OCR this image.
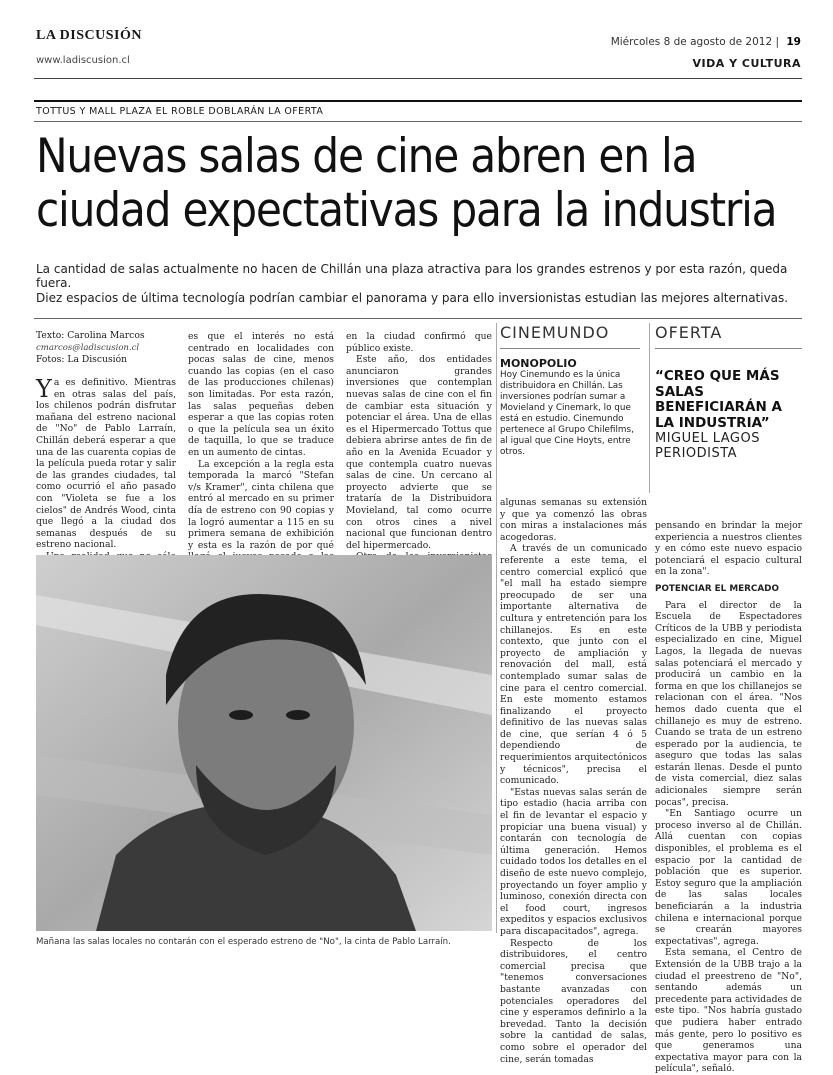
LA DISCUSIÓN
www.ladiscusion.cl
Miércoles 8 de agosto de 2012 | 19
VIDA Y CULTURA
TOTTUS Y MALL PLAZA EL ROBLE DOBLARÁN LA OFERTA
Nuevas salas de cine abren en la ciudad expectativas para la industria
La cantidad de salas actualmente no hacen de Chillán una plaza atractiva para los grandes estrenos y por esta razón, queda fuera.
Diez espacios de última tecnología podrían cambiar el panorama y para ello inversionistas estudian las mejores alternativas.
Texto: Carolina Marcos
cmarcos@ladiscusion.cl
Fotos: La Discusión

Ya es definitivo. Mientras en otras salas del país, los chilenos podrán disfrutar mañana del estreno nacional de "No" de Pablo Larraín, Chillán deberá esperar a que una de las cuarenta copias de la película pueda rotar y salir de las grandes ciudades, tal como ocurrió el año pasado con "Violeta se fue a los cielos" de Andrés Wood, cinta que llegó a la ciudad dos semanas después de su estreno nacional.

es que el interés no está centrado en localidades con pocas salas de cine, menos cuando las copias (en el caso de las producciones chilenas) son limitadas. Por esta razón, las salas pequeñas deben esperar a que las copias roten o que la película sea un éxito de taquilla, lo que se traduce en un aumento de cintas.

La excepción a la regla esta temporada la marcó "Stefan v/s Kramer", cinta chilena que entró al mercado en su primer día de estreno con 90 copias y la logró aumentar a 115 en su primera semana de exhibición y esta es la razón de por qué

en la ciudad confirmó que público existe.

Este año, dos entidades anunciaron grandes inversiones que contemplan nuevas salas de cine con el fin de cambiar esta situación y potenciar el área. Una de ellas es el Hipermercado Tottus que debiera abrirse antes de fin de año en la Avenida Ecuador y que contempla cuatro nuevas salas de cine. Un cercano al proyecto advierte que se trataría de la Distribuidora Movieland, tal como ocurre con otros cines a nivel nacional que funcionan dentro del hipermercado.

CINEMUNDO
MONOPOLIO
Hoy Cinemundo es la única distribuidora en Chillán. Las inversiones podrían sumar a Movieland y Cinemark, lo que está en estudio. Cinemundo pertenece al Grupo Chilefilms, al igual que Cine Hoyts, entre otros.
OFERTA
“CREO QUE MÁS SALAS BENEFICIARÁN A LA INDUSTRIA”
MIGUEL LAGOS
PERIODISTA

algunas semanas su extensión y que ya comenzó las obras con miras a instalaciones más acogedoras.

A través de un comunicado referente a este tema, el centro comercial explicó que "el mall ha estado siempre preocupado de ser una importante alternativa de cultura y entretención para los chillanejos. Es en este contexto, que junto con el proyecto de ampliación y renovación del mall, está contemplado sumar salas de cine para el centro comercial. En este momento estamos finalizando el proyecto definitivo de las nuevas salas de cine, que serían 4 ó 5 dependiendo de requerimientos arquitectónicos y técnicos", precisa el comunicado.

"Estas nuevas salas serán de tipo estadio (hacia arriba con el fin de levantar el espacio y propiciar una buena visual) y contarán con tecnología de última generación. Hemos cuidado todos los detalles en el diseño de este nuevo complejo, proyectando un foyer amplio y luminoso, conexión directa con el food court, ingresos expeditos y espacios exclusivos para discapacitados", agrega.

Respecto de los distribuidores, el centro comercial precisa que "tenemos conversaciones bastante avanzadas con potenciales operadores del cine y esperamos definirlo a la brevedad. Tanto la decisión sobre la cantidad de salas, como sobre el operador del cine, serán tomadas

pensando en brindar la mejor experiencia a nuestros clientes y en cómo este nuevo espacio potenciará el espacio cultural en la zona".

POTENCIAR EL MERCADO

Para el director de la Escuela de Espectadores Críticos de la UBB y periodista especializado en cine, Miguel Lagos, la llegada de nuevas salas potenciará el mercado y producirá un cambio en la forma en que los chillanejos se relacionan con el área. "Nos hemos dado cuenta que el chillanejo es muy de estreno. Cuando se trata de un estreno esperado por la audiencia, te aseguro que todas las salas estarán llenas. Desde el punto de vista comercial, diez salas adicionales siempre serán pocas", precisa.

"En Santiago ocurre un proceso inverso al de Chillán. Allá cuentan con copias disponibles, el problema es el espacio por la cantidad de población que es superior. Estoy seguro que la ampliación de las salas locales beneficiarán a la industria chilena e internacional porque se crearán mayores expectativas", agrega.

Esta semana, el Centro de Extensión de la UBB trajo a la ciudad el preestreno de "No", sentando además un precedente para actividades de este tipo. "Nos habría gustado que pudiera haber entrado más gente, pero lo positivo es que generamos una expectativa mayor para con la película", señaló.

Mañana las salas locales no contarán con el esperado estreno de "No", la cinta de Pablo Larraín.
